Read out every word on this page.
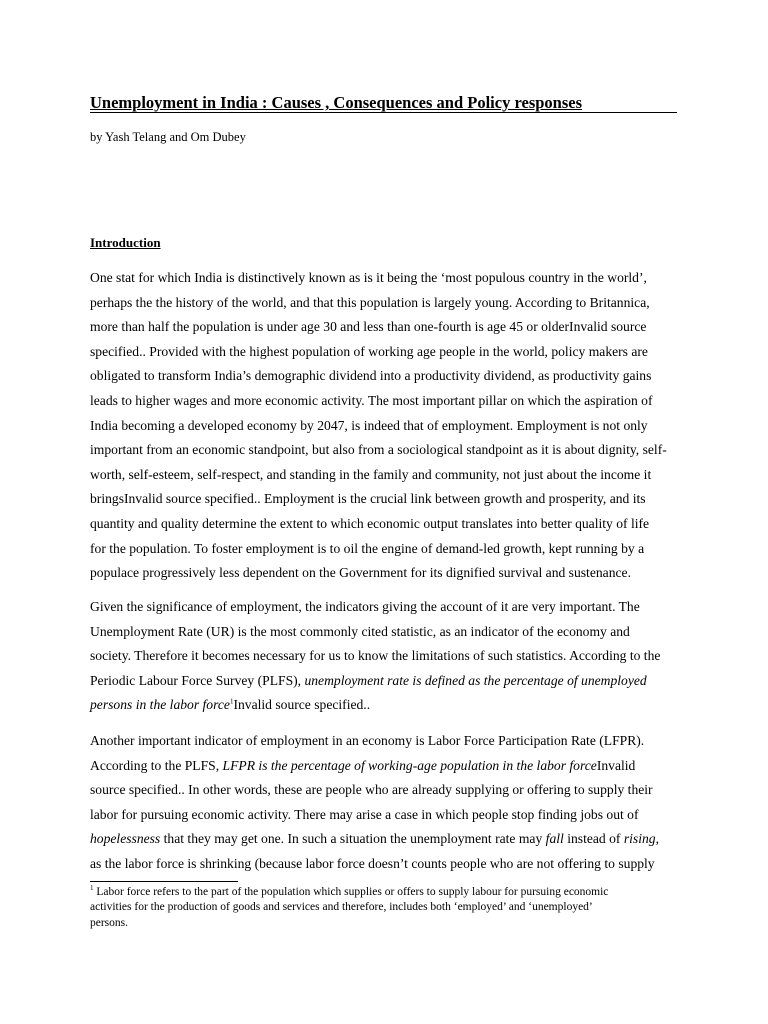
Unemployment in India : Causes , Consequences and Policy responses
by Yash Telang and Om Dubey
Introduction
One stat for which India is distinctively known as is it being the ‘most populous country in the world’,
perhaps the the history of the world, and that this population is largely young. According to Britannica,
more than half the population is under age 30 and less than one-fourth is age 45 or olderInvalid source
specified.. Provided with the highest population of working age people in the world, policy makers are
obligated to transform India’s demographic dividend into a productivity dividend, as productivity gains
leads to higher wages and more economic activity. The most important pillar on which the aspiration of
India becoming a developed economy by 2047, is indeed that of employment. Employment is not only
important from an economic standpoint, but also from a sociological standpoint as it is about dignity, self-
worth, self-esteem, self-respect, and standing in the family and community, not just about the income it
bringsInvalid source specified.. Employment is the crucial link between growth and prosperity, and its
quantity and quality determine the extent to which economic output translates into better quality of life
for the population. To foster employment is to oil the engine of demand-led growth, kept running by a
populace progressively less dependent on the Government for its dignified survival and sustenance.
Given the significance of employment, the indicators giving the account of it are very important. The
Unemployment Rate (UR) is the most commonly cited statistic, as an indicator of the economy and
society. Therefore it becomes necessary for us to know the limitations of such statistics. According to the
Periodic Labour Force Survey (PLFS), unemployment rate is defined as the percentage of unemployed
persons in the labor force$^1$Invalid source specified..
Another important indicator of employment in an economy is Labor Force Participation Rate (LFPR).
According to the PLFS, LFPR is the percentage of working-age population in the labor forceInvalid
source specified.. In other words, these are people who are already supplying or offering to supply their
labor for pursuing economic activity. There may arise a case in which people stop finding jobs out of
hopelessness that they may get one. In such a situation the unemployment rate may fall instead of rising,
as the labor force is shrinking (because labor force doesn’t counts people who are not offering to supply
$^1$ Labor force refers to the part of the population which supplies or offers to supply labour for pursuing economic
activities for the production of goods and services and therefore, includes both ‘employed’ and ‘unemployed’
persons.
